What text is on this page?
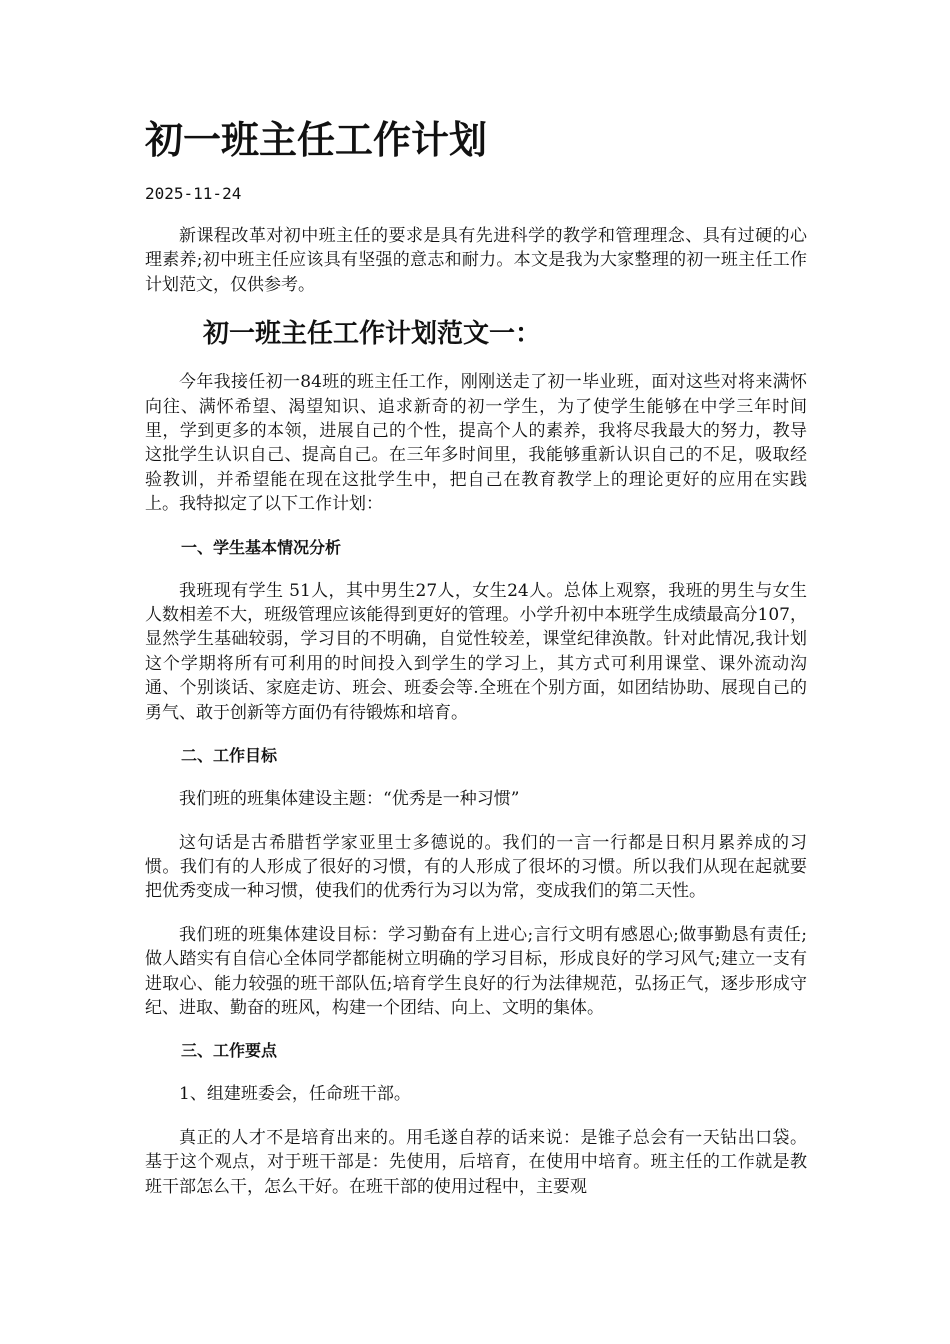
初一班主任工作计划
2025-11-24

新课程改革对初中班主任的要求是具有先进科学的教学和管理理念、具有过硬的心理素养;初中班主任应该具有坚强的意志和耐力。本文是我为大家整理的初一班主任工作计划范文，仅供参考。

初一班主任工作计划范文一：

今年我接任初一84班的班主任工作，刚刚送走了初一毕业班，面对这些对将来满怀向往、满怀希望、渴望知识、追求新奇的初一学生，为了使学生能够在中学三年时间里，学到更多的本领，进展自己的个性，提高个人的素养，我将尽我最大的努力，教导这批学生认识自己、提高自己。在三年多时间里，我能够重新认识自己的不足，吸取经验教训，并希望能在现在这批学生中，把自己在教育教学上的理论更好的应用在实践上。我特拟定了以下工作计划：

一、学生基本情况分析

我班现有学生 51人，其中男生27人，女生24人。总体上观察，我班的男生与女生人数相差不大，班级管理应该能得到更好的管理。小学升初中本班学生成绩最高分107，显然学生基础较弱，学习目的不明确，自觉性较差，课堂纪律涣散。针对此情况,我计划这个学期将所有可利用的时间投入到学生的学习上，其方式可利用课堂、课外流动沟通、个别谈话、家庭走访、班会、班委会等.全班在个别方面，如团结协助、展现自己的勇气、敢于创新等方面仍有待锻炼和培育。

二、工作目标

我们班的班集体建设主题：“优秀是一种习惯”

这句话是古希腊哲学家亚里士多德说的。我们的一言一行都是日积月累养成的习惯。我们有的人形成了很好的习惯，有的人形成了很坏的习惯。所以我们从现在起就要把优秀变成一种习惯，使我们的优秀行为习以为常，变成我们的第二天性。

我们班的班集体建设目标：学习勤奋有上进心;言行文明有感恩心;做事勤恳有责任;做人踏实有自信心全体同学都能树立明确的学习目标，形成良好的学习风气;建立一支有进取心、能力较强的班干部队伍;培育学生良好的行为法律规范，弘扬正气，逐步形成守纪、进取、勤奋的班风，构建一个团结、向上、文明的集体。

三、工作要点

1、组建班委会，任命班干部。

真正的人才不是培育出来的。用毛遂自荐的话来说：是锥子总会有一天钻出口袋。基于这个观点，对于班干部是：先使用，后培育，在使用中培育。班主任的工作就是教班干部怎么干，怎么干好。在班干部的使用过程中，主要观
